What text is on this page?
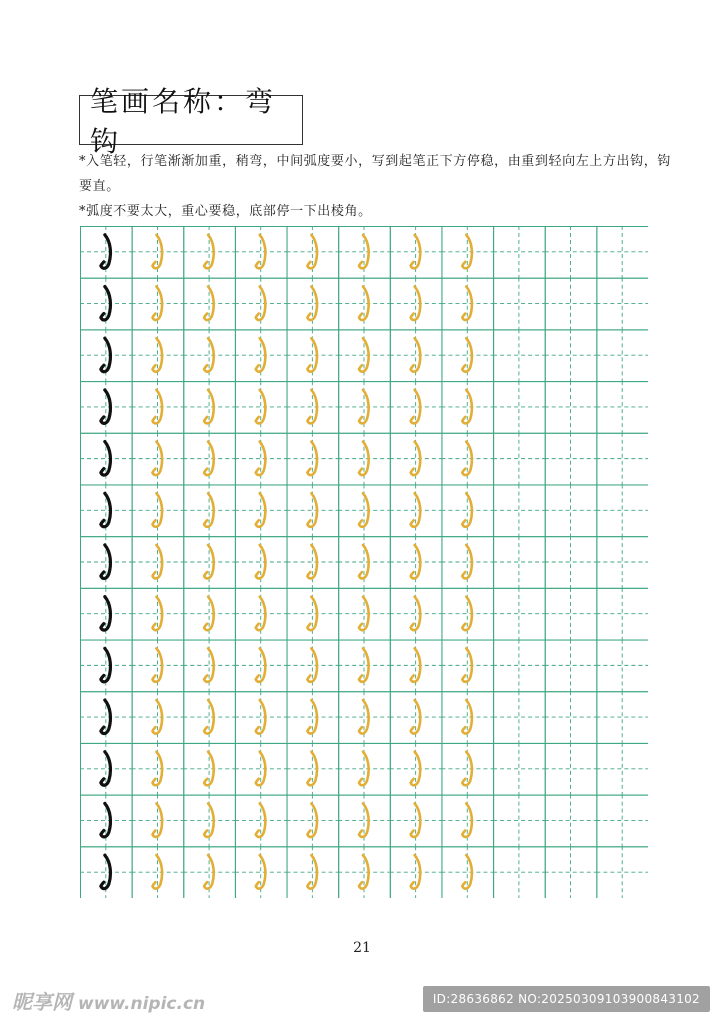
笔画名称：弯钩
*入笔轻，行笔渐渐加重，稍弯，中间弧度要小，写到起笔正下方停稳，由重到轻向左上方出钩，钩要直。
*弧度不要太大，重心要稳，底部停一下出棱角。
21
昵享网 www.nipic.cn	ID:28636862 NO:20250309103900843102
